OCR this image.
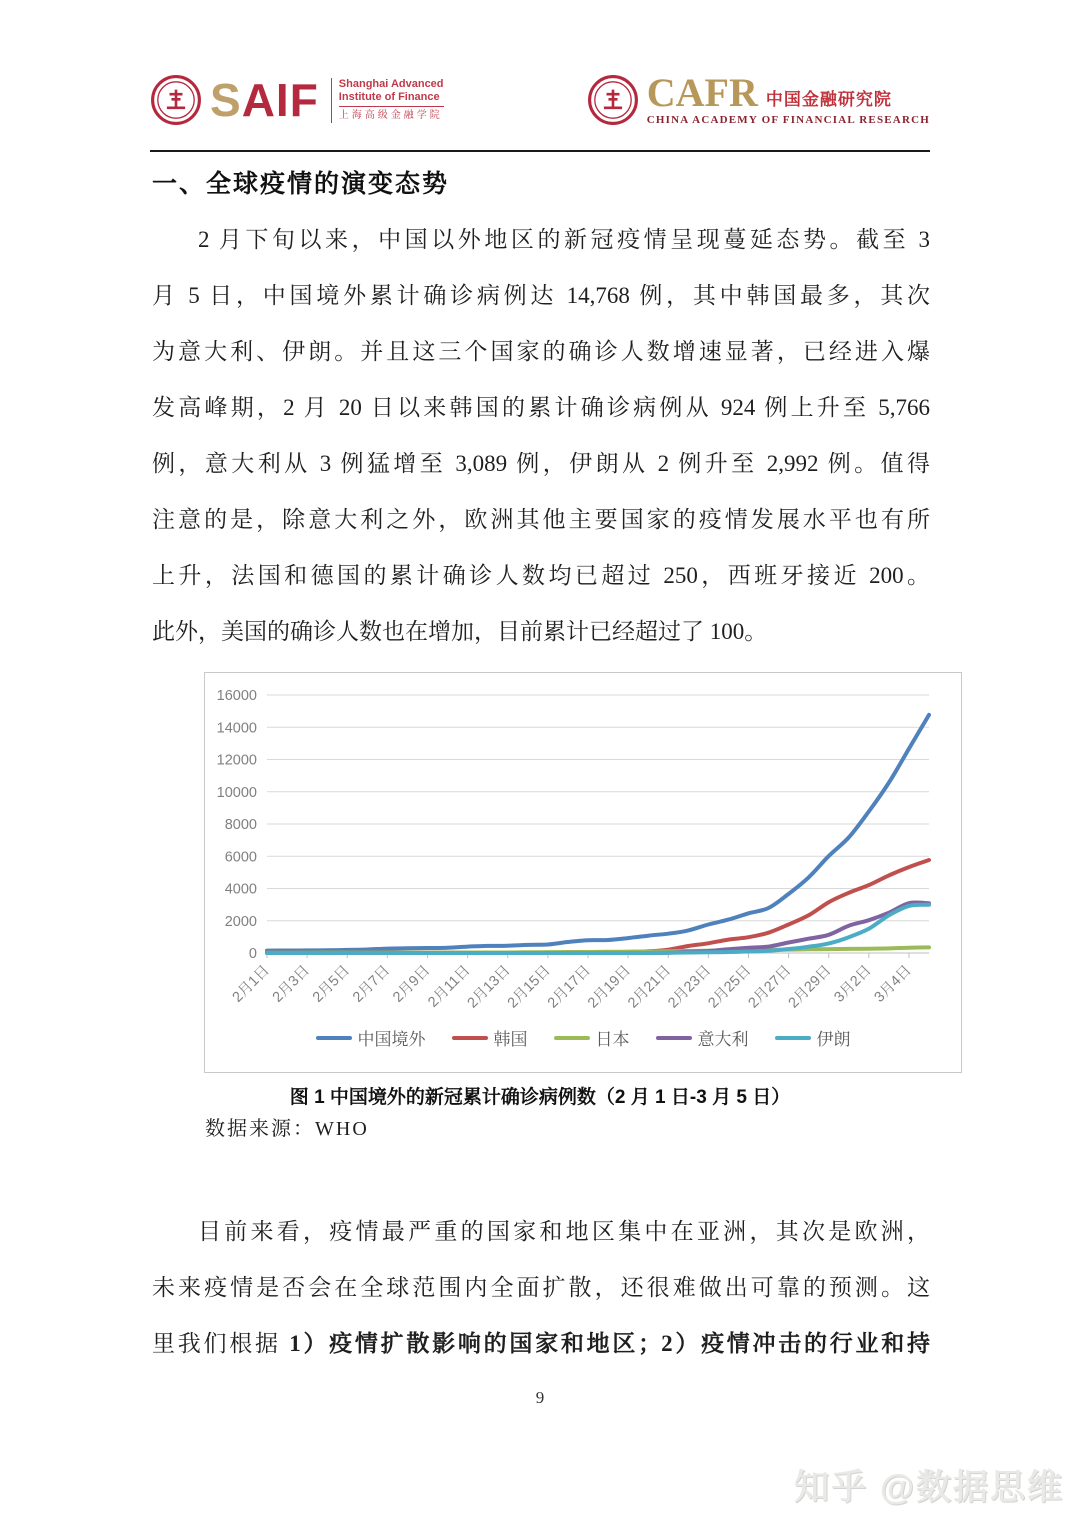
SAIF Shanghai Advanced
Institute of Finance
上海高级金融学院	CAFR 中国金融研究院
CHINA ACADEMY OF FINANCIAL RESEARCH
一、全球疫情的演变态势
2 月下旬以来，中国以外地区的新冠疫情呈现蔓延态势。截至 3
月 5 日，中国境外累计确诊病例达 14,768 例，其中韩国最多，其次
为意大利、伊朗。并且这三个国家的确诊人数增速显著，已经进入爆
发高峰期，2 月 20 日以来韩国的累计确诊病例从 924 例上升至 5,766
例，意大利从 3 例猛增至 3,089 例，伊朗从 2 例升至 2,992 例。值得
注意的是，除意大利之外，欧洲其他主要国家的疫情发展水平也有所
上升，法国和德国的累计确诊人数均已超过 250，西班牙接近 200。
此外，美国的确诊人数也在增加，目前累计已经超过了 100。
0
2000
4000
6000
8000
10000
12000
14000
16000
2月1日
2月3日
2月5日
2月7日
2月9日
2月11日
2月13日
2月15日
2月17日
2月19日
2月21日
2月23日
2月25日
2月27日
2月29日
3月2日
3月4日
中国境外	韩国	日本	意大利	伊朗
图 1 中国境外的新冠累计确诊病例数（2 月 1 日-3 月 5 日）
数据来源：WHO
目前来看，疫情最严重的国家和地区集中在亚洲，其次是欧洲，
未来疫情是否会在全球范围内全面扩散，还很难做出可靠的预测。这
里我们根据 1）疫情扩散影响的国家和地区；2）疫情冲击的行业和持
9
知乎 @数据思维
